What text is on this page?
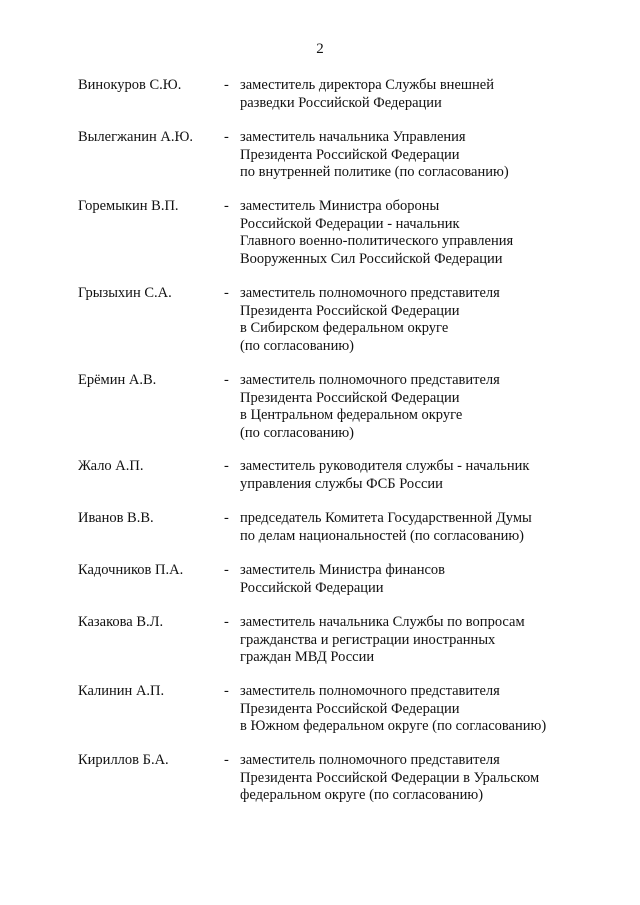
2
Винокуров С.Ю.	- заместитель директора Службы внешней
разведки Российской Федерации
Вылегжанин А.Ю. - заместитель начальника Управления
Президента Российской Федерации
по внутренней политике (по согласованию)
Горемыкин В.П.	- заместитель Министра обороны
Российской Федерации - начальник
Главного военно-политического управления
Вооруженных Сил Российской Федерации
Грызыхин С.А.	- заместитель полномочного представителя
Президента Российской Федерации
в Сибирском федеральном округе
(по согласованию)
Ерёмин А.В.	- заместитель полномочного представителя
Президента Российской Федерации
в Центральном федеральном округе
(по согласованию)
Жало А.П.	- заместитель руководителя службы - начальник
управления службы ФСБ России
Иванов В.В.	- председатель Комитета Государственной Думы
по делам национальностей (по согласованию)
Кадочников П.А.	- заместитель Министра финансов
Российской Федерации
Казакова В.Л.	- заместитель начальника Службы по вопросам
гражданства и регистрации иностранных
граждан МВД России
Калинин А.П.	- заместитель полномочного представителя
Президента Российской Федерации
в Южном федеральном округе (по согласованию)
Кириллов Б.А.	- заместитель полномочного представителя
Президента Российской Федерации в Уральском
федеральном округе (по согласованию)
